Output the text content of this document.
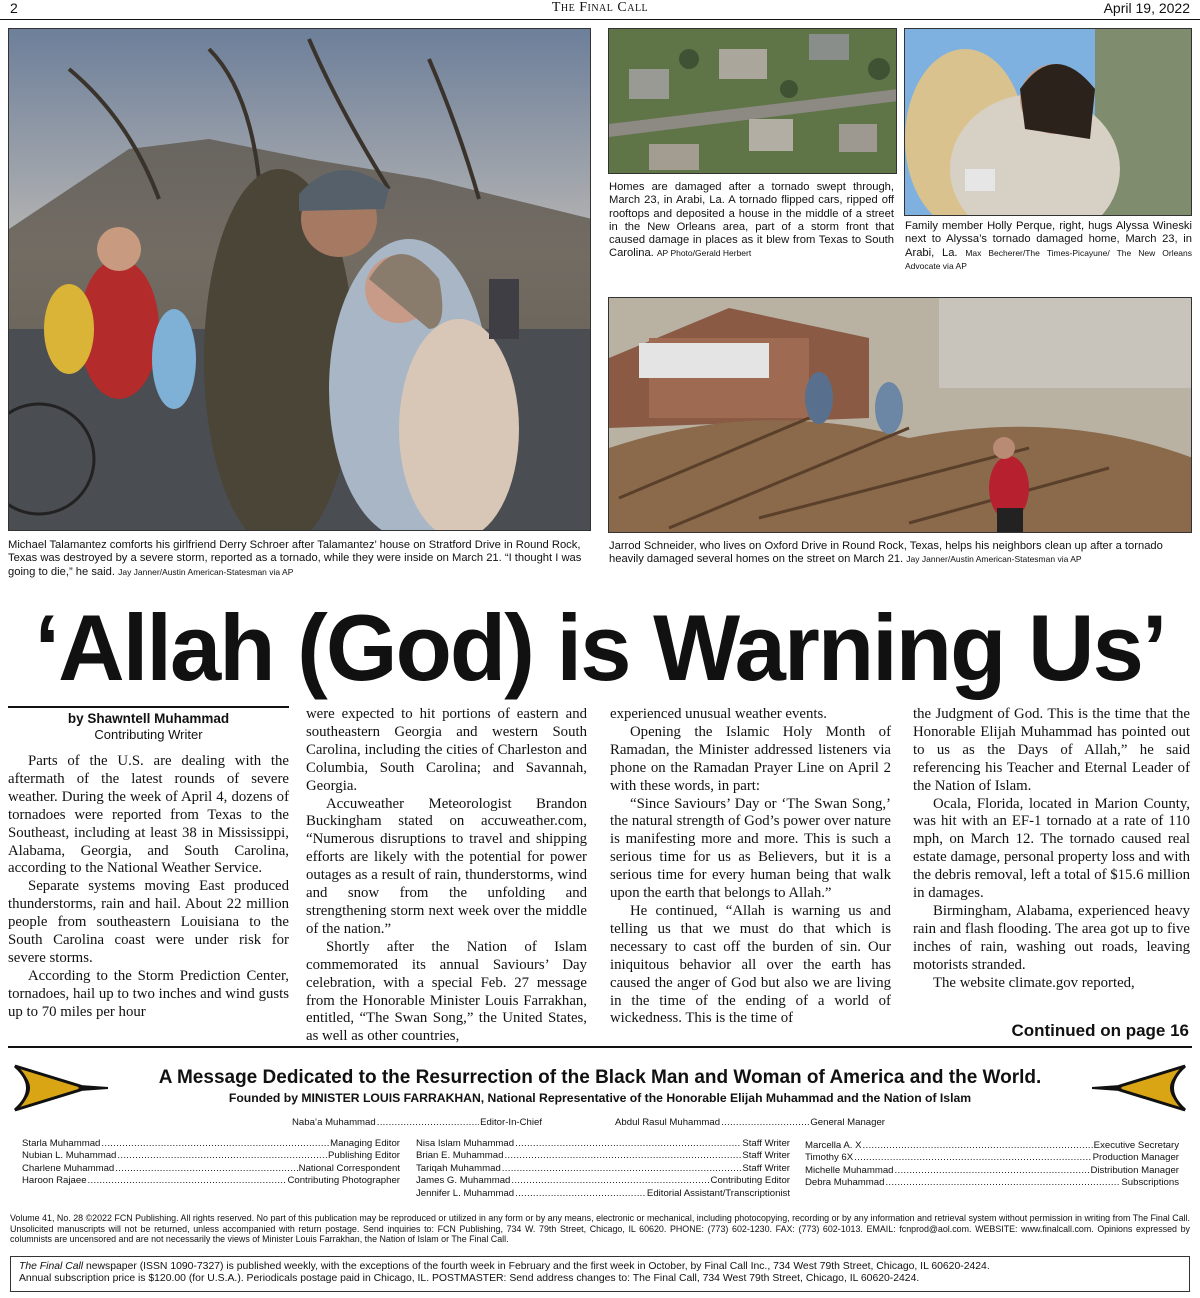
2	The Final Call	April 19, 2022
Michael Talamantez comforts his girlfriend Derry Schroer after Talamantez’ house on Stratford Drive in Round Rock, Texas was destroyed by a severe storm, reported as a tornado, while they were inside on March 21. “I thought I was going to die,” he said. Jay Janner/Austin American-Statesman via AP
Homes are damaged after a tornado swept through, March 23, in Arabi, La. A tornado flipped cars, ripped off rooftops and deposited a house in the middle of a street in the New Orleans area, part of a storm front that caused damage in places as it blew from Texas to South Carolina. AP Photo/Gerald Herbert
Family member Holly Perque, right, hugs Alyssa Wineski next to Alyssa’s tornado damaged home, March 23, in Arabi, La. Max Becherer/The Times-Picayune/ The New Orleans Advocate via AP
Jarrod Schneider, who lives on Oxford Drive in Round Rock, Texas, helps his neighbors clean up after a tornado heavily damaged several homes on the street on March 21. Jay Janner/Austin American-Statesman via AP
‘Allah (God) is Warning Us’
by Shawntell Muhammad
Contributing Writer

Parts of the U.S. are dealing with the aftermath of the latest rounds of severe weather. During the week of April 4, dozens of tornadoes were reported from Texas to the Southeast, including at least 38 in Mississippi, Alabama, Georgia, and South Carolina, according to the National Weather Service.

Separate systems moving East produced thunderstorms, rain and hail. About 22 million people from southeastern Louisiana to the South Carolina coast were under risk for severe storms.

According to the Storm Prediction Center, tornadoes, hail up to two inches and wind gusts up to 70 miles per hour

were expected to hit portions of eastern and southeastern Georgia and western South Carolina, including the cities of Charleston and Columbia, South Carolina; and Savannah, Georgia.

Accuweather Meteorologist Brandon Buckingham stated on accuweather.com, “Numerous disruptions to travel and shipping efforts are likely with the potential for power outages as a result of rain, thunderstorms, wind and snow from the unfolding and strengthening storm next week over the middle of the nation.”

Shortly after the Nation of Islam commemorated its annual Saviours’ Day celebration, with a special Feb. 27 message from the Honorable Minister Louis Farrakhan, entitled, “The Swan Song,” the United States, as well as other countries,

experienced unusual weather events.

Opening the Islamic Holy Month of Ramadan, the Minister addressed listeners via phone on the Ramadan Prayer Line on April 2 with these words, in part:

“Since Saviours’ Day or ‘The Swan Song,’ the natural strength of God’s power over nature is manifesting more and more. This is such a serious time for us as Believers, but it is a serious time for every human being that walk upon the earth that belongs to Allah.”

He continued, “Allah is warning us and telling us that we must do that which is necessary to cast off the burden of sin. Our iniquitous behavior all over the earth has caused the anger of God but also we are living in the time of the ending of a world of wickedness. This is the time of

the Judgment of God. This is the time that the Honorable Elijah Muhammad has pointed out to us as the Days of Allah,” he said referencing his Teacher and Eternal Leader of the Nation of Islam.

Ocala, Florida, located in Marion County, was hit with an EF-1 tornado at a rate of 110 mph, on March 12. The tornado caused real estate damage, personal property loss and with the debris removal, left a total of $15.6 million in damages.

Birmingham, Alabama, experienced heavy rain and flash flooding. The area got up to five inches of rain, washing out roads, leaving motorists stranded.

The website climate.gov reported,

Continued on page 16
A Message Dedicated to the Resurrection of the Black Man and Woman of America and the World.
Founded by MINISTER LOUIS FARRAKHAN, National Representative of the Honorable Elijah Muhammad and the Nation of Islam
Naba’a Muhammad .....	Editor-In-Chief	Abdul Rasul Muhammad .....	General Manager
Starla Muhammad .....	Managing Editor
Nubian L. Muhammad .....	Publishing Editor
Charlene Muhammad .....	National Correspondent
Haroon Rajaee .....	Contributing Photographer
Nisa Islam Muhammad .....	Staff Writer
Brian E. Muhammad .....	Staff Writer
Tariqah Muhammad .....	Staff Writer
James G. Muhammad .....	Contributing Editor
Jennifer L. Muhammad .....	Editorial Assistant/Transcriptionist
Marcella A. X .....	Executive Secretary
Timothy 6X .....	Production Manager
Michelle Muhammad .....	Distribution Manager
Debra Muhammad .....	Subscriptions
Volume 41, No. 28 ©2022 FCN Publishing. All rights reserved. No part of this publication may be reproduced or utilized in any form or by any means, electronic or mechanical, including photocopying, recording or by any information and retrieval system without permission in writing from The Final Call. Unsolicited manuscripts will not be returned, unless accompanied with return postage. Send inquiries to: FCN Publishing, 734 W. 79th Street, Chicago, IL 60620. PHONE: (773) 602-1230. FAX: (773) 602-1013. EMAIL: fcnprod@aol.com. WEBSITE: www.finalcall.com. Opinions expressed by columnists are uncensored and are not necessarily the views of Minister Louis Farrakhan, the Nation of Islam or The Final Call.
The Final Call newspaper (ISSN 1090-7327) is published weekly, with the exceptions of the fourth week in February and the first week in October, by Final Call Inc., 734 West 79th Street, Chicago, IL 60620-2424.
Annual subscription price is $120.00 (for U.S.A.). Periodicals postage paid in Chicago, IL. POSTMASTER: Send address changes to: The Final Call, 734 West 79th Street, Chicago, IL 60620-2424.
